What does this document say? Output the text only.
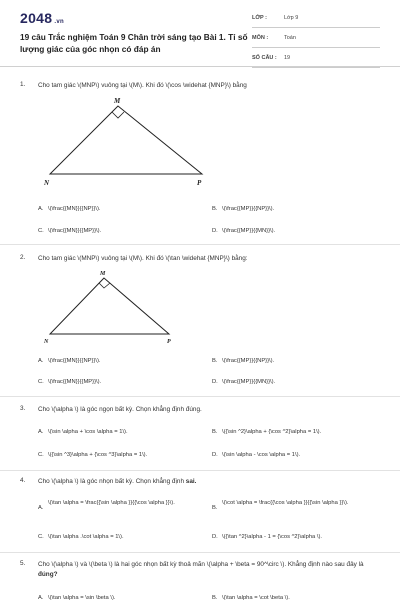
2048 .vn
19 câu Trắc nghiệm Toán 9 Chân trời sáng tạo Bài 1. Tỉ số lượng giác của góc nhọn có đáp án
LỚP :	Lớp 9
MÔN :	Toán
SỐ CÂU : 19
1. Cho tam giác \(MNP\) vuông tại \(M\). Khi đó \(\cos \widehat {MNP}\) bằng
M
N	P
A. \(\frac{{MN}}{{NP}}\).	B. \(\frac{{MP}}{{NP}}\).
C. \(\frac{{MN}}{{MP}}\).	D. \(\frac{{MP}}{{MN}}\).
2. Cho tam giác \(MNP\) vuông tại \(M\). Khi đó \(\tan \widehat {MNP}\) bằng:
M
N	P
A. \(\frac{{MN}}{{NP}}\).	B. \(\frac{{MP}}{{NP}}\).
C. \(\frac{{MN}}{{MP}}\).	D. \(\frac{{MP}}{{MN}}\).
3. Cho \(\alpha \) là góc ngọn bất kỳ. Chọn khẳng định đúng.
A. \(\sin \alpha + \cos \alpha = 1\).	B. \({\sin ^2}\alpha + {\cos ^2}\alpha = 1\).
C. \({\sin ^3}\alpha + {\cos ^3}\alpha = 1\).	D. \(\sin \alpha - \cos \alpha = 1\).
4. Cho \(\alpha \) là góc nhọn bất kỳ. Chọn khẳng định sai.
A.
\(\tan \alpha = \frac{{\sin \alpha }}{{\cos \alpha }}\).
B.
\(\cot \alpha = \frac{{\cos \alpha }}{{\sin \alpha }}\).
C. \(\tan \alpha .\cot \alpha = 1\).	D. \({\tan ^2}\alpha - 1 = {\cos ^2}\alpha \).
5. Cho \(\alpha \) và \(\beta \) là hai góc nhọn bất kỳ thoả mãn \(\alpha + \beta = 90^\circ \). Khẳng định nào sau đây là đúng?
A. \(\tan \alpha = \sin \beta \).	B. \(\tan \alpha = \cot \beta \).
